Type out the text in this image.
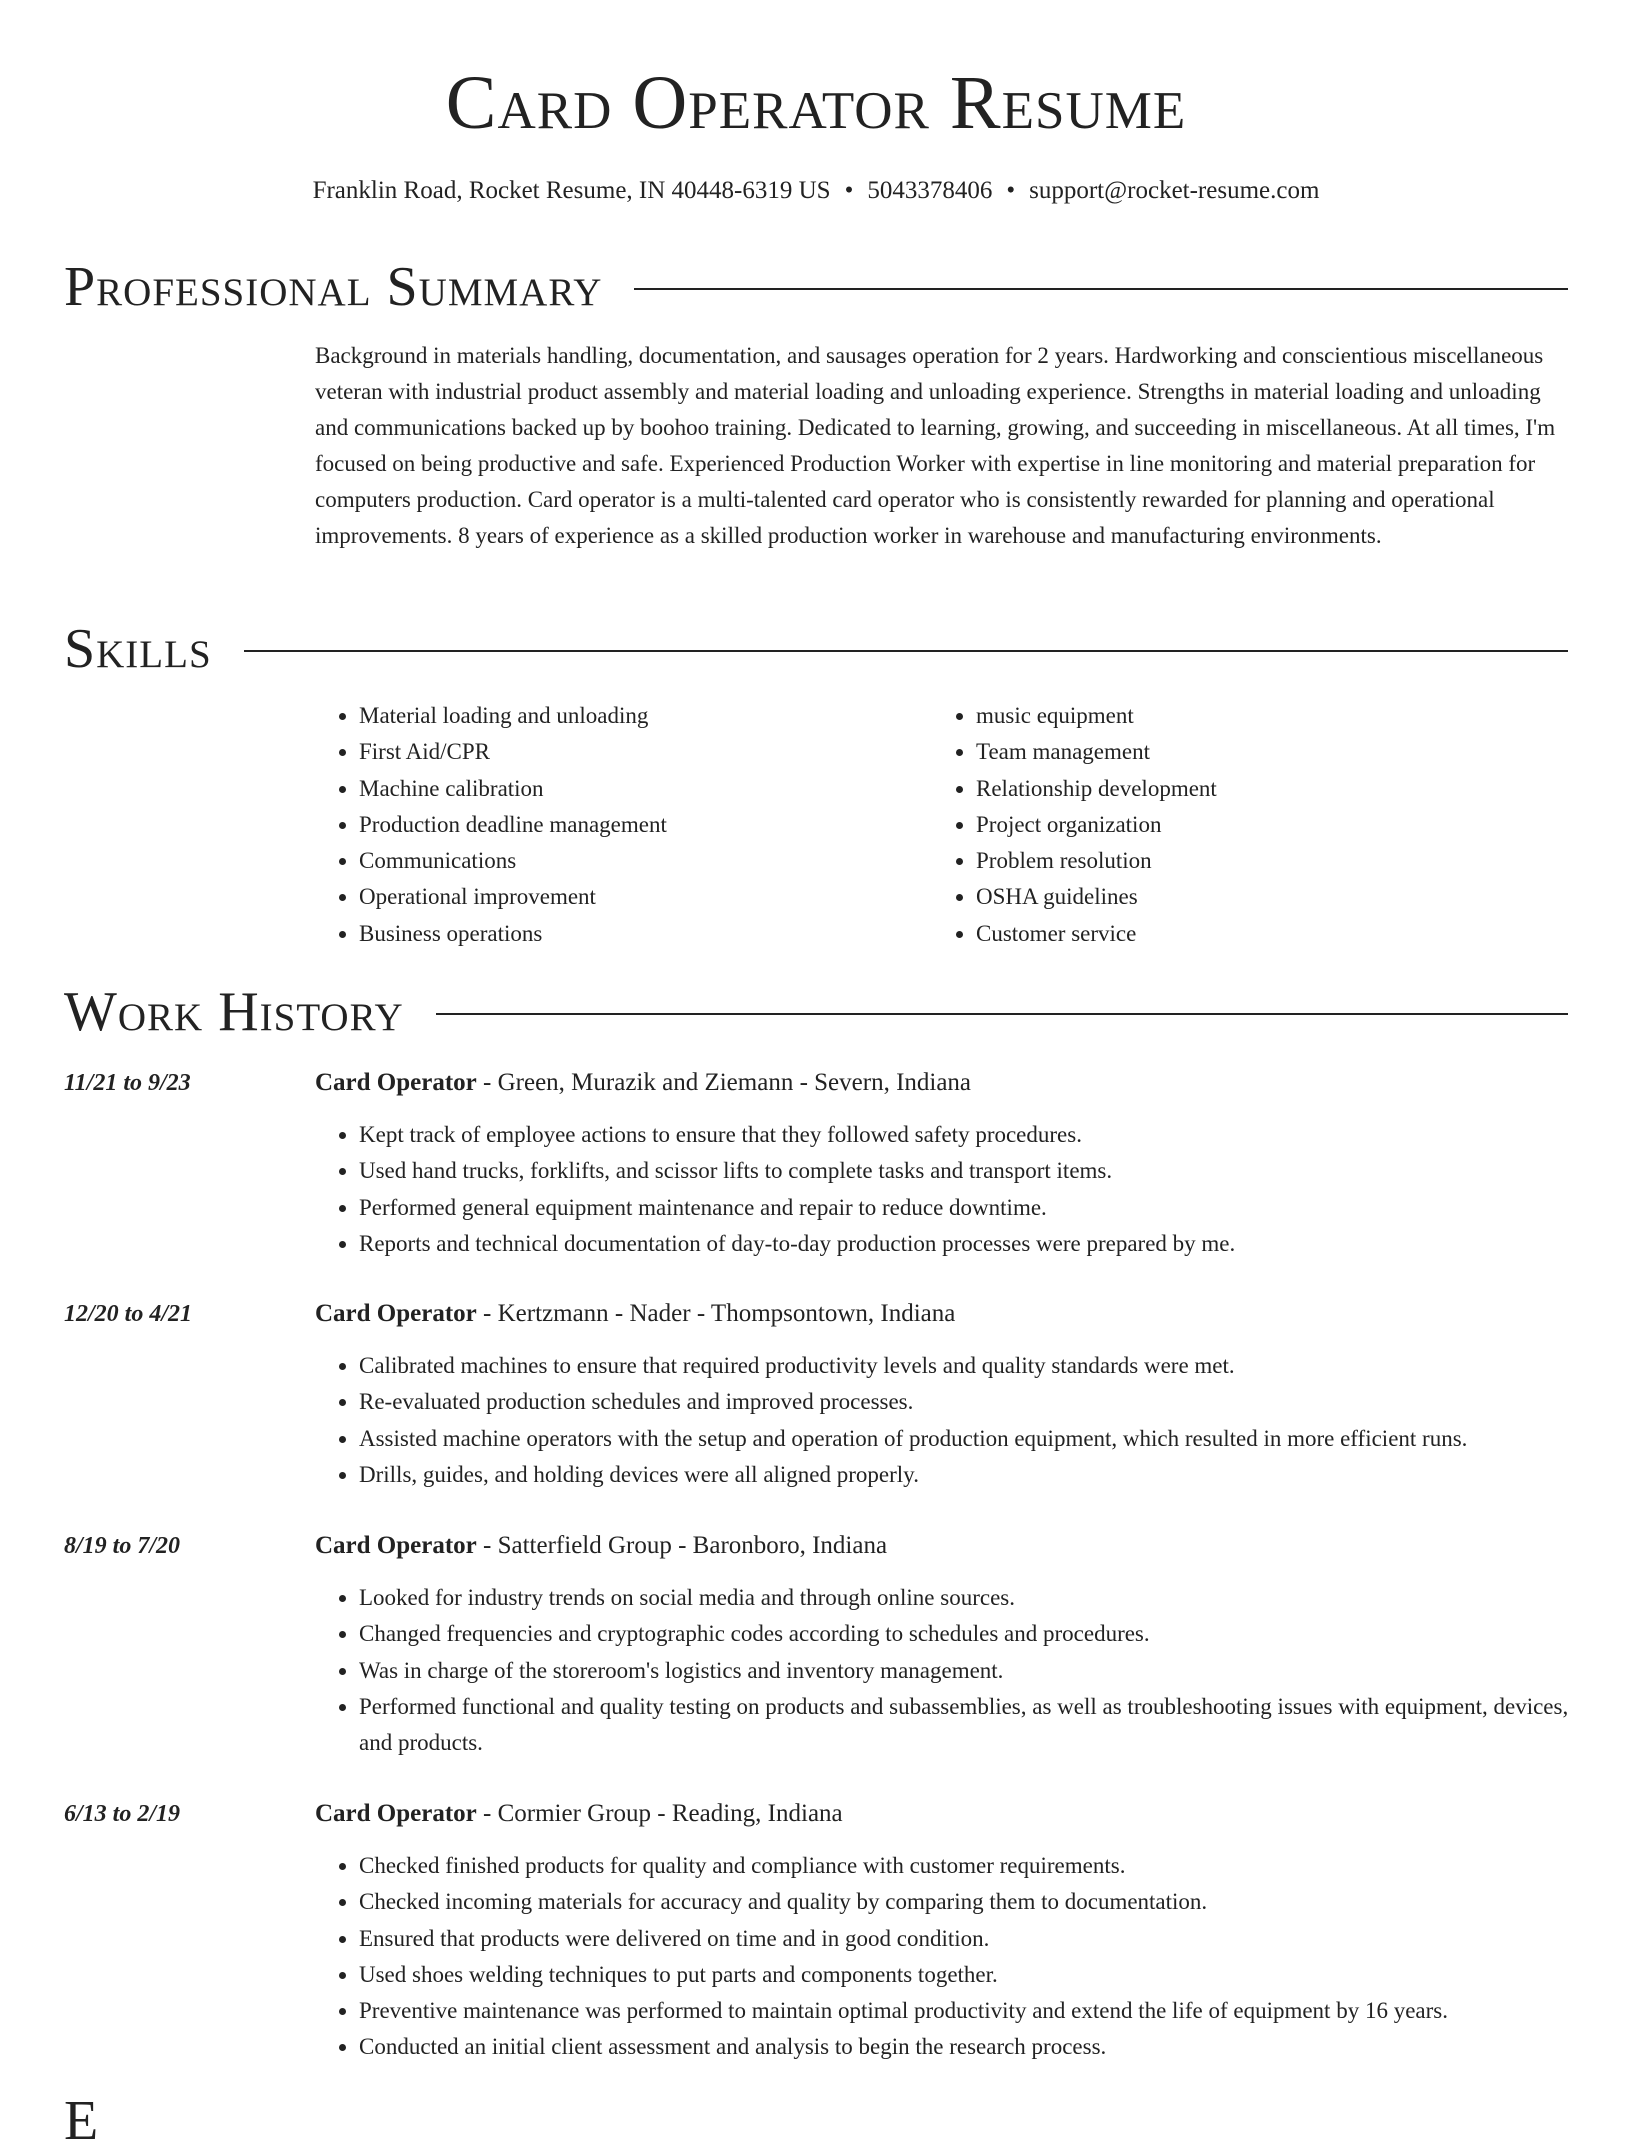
Card Operator Resume
Franklin Road, Rocket Resume, IN 40448-6319 US • 5043378406 • support@rocket-resume.com
Professional Summary

Background in materials handling, documentation, and sausages operation for 2 years. Hardworking and conscientious miscellaneous veteran with industrial product assembly and material loading and unloading experience. Strengths in material loading and unloading and communications backed up by boohoo training. Dedicated to learning, growing, and succeeding in miscellaneous. At all times, I'm focused on being productive and safe. Experienced Production Worker with expertise in line monitoring and material preparation for computers production. Card operator is a multi-talented card operator who is consistently rewarded for planning and operational improvements. 8 years of experience as a skilled production worker in warehouse and manufacturing environments.

Skills
• Material loading and unloading
• First Aid/CPR
• Machine calibration
• Production deadline management
• Communications
• Operational improvement
• Business operations
• music equipment
• Team management
• Relationship development
• Project organization
• Problem resolution
• OSHA guidelines
• Customer service
Work History
11/21 to 9/23	Card Operator - Green, Murazik and Ziemann - Severn, Indiana
• Kept track of employee actions to ensure that they followed safety procedures.
• Used hand trucks, forklifts, and scissor lifts to complete tasks and transport items.
• Performed general equipment maintenance and repair to reduce downtime.
• Reports and technical documentation of day-to-day production processes were prepared by me.
12/20 to 4/21	Card Operator - Kertzmann - Nader - Thompsontown, Indiana
• Calibrated machines to ensure that required productivity levels and quality standards were met.
• Re-evaluated production schedules and improved processes.
• Assisted machine operators with the setup and operation of production equipment, which resulted in more efficient runs.
• Drills, guides, and holding devices were all aligned properly.
8/19 to 7/20	Card Operator - Satterfield Group - Baronboro, Indiana
• Looked for industry trends on social media and through online sources.
• Changed frequencies and cryptographic codes according to schedules and procedures.
• Was in charge of the storeroom's logistics and inventory management.
• Performed functional and quality testing on products and subassemblies, as well as troubleshooting issues with equipment, devices, and products.
6/13 to 2/19	Card Operator - Cormier Group - Reading, Indiana
• Checked finished products for quality and compliance with customer requirements.
• Checked incoming materials for accuracy and quality by comparing them to documentation.
• Ensured that products were delivered on time and in good condition.
• Used shoes welding techniques to put parts and components together.
• Preventive maintenance was performed to maintain optimal productivity and extend the life of equipment by 16 years.
• Conducted an initial client assessment and analysis to begin the research process.
E
